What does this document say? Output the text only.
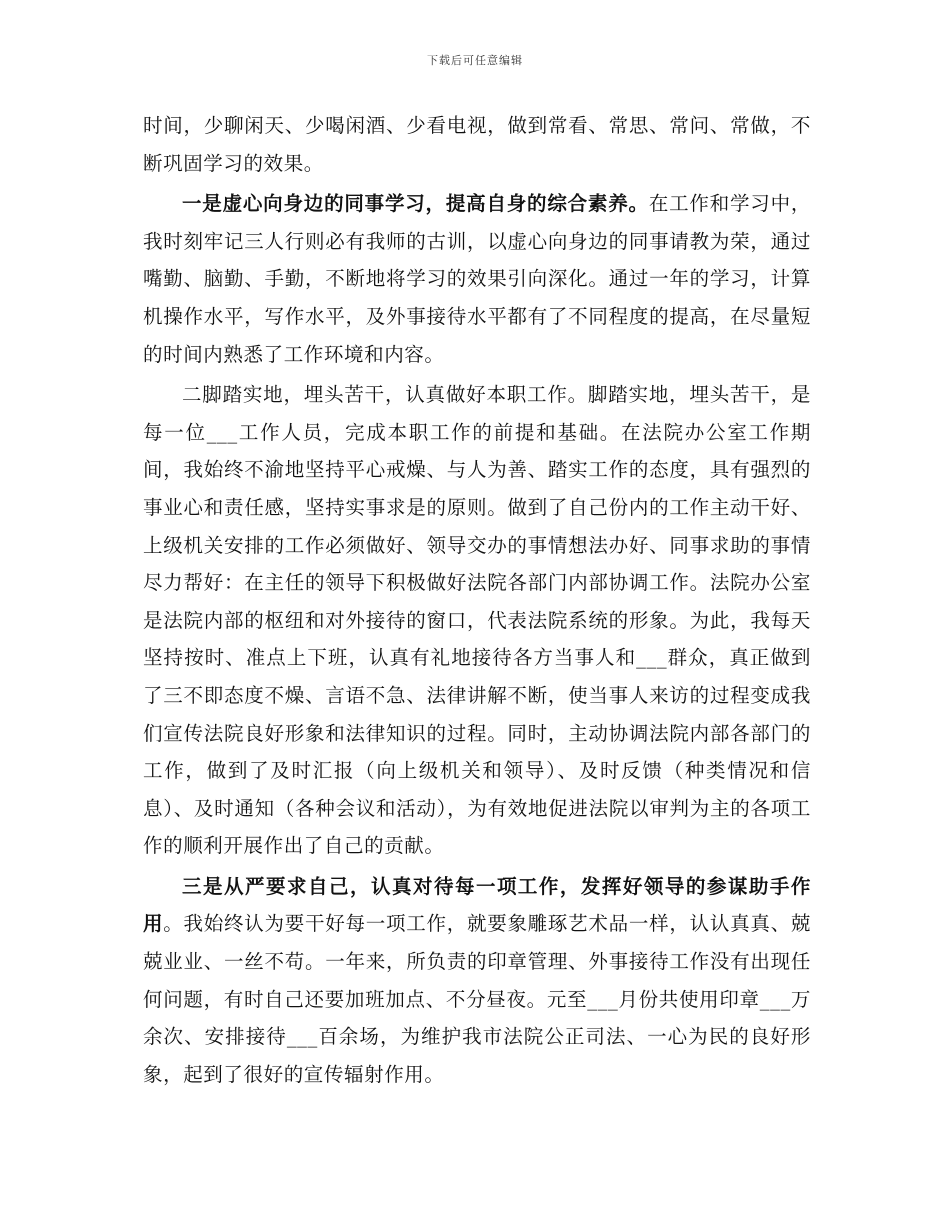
下载后可任意编辑

时间，少聊闲天、少喝闲酒、少看电视，做到常看、常思、常问、常做，不断巩固学习的效果。

一是虚心向身边的同事学习，提高自身的综合素养。在工作和学习中，我时刻牢记三人行则必有我师的古训，以虚心向身边的同事请教为荣，通过嘴勤、脑勤、手勤，不断地将学习的效果引向深化。通过一年的学习，计算机操作水平，写作水平，及外事接待水平都有了不同程度的提高，在尽量短的时间内熟悉了工作环境和内容。

二脚踏实地，埋头苦干，认真做好本职工作。脚踏实地，埋头苦干，是每一位___工作人员，完成本职工作的前提和基础。在法院办公室工作期间，我始终不渝地坚持平心戒燥、与人为善、踏实工作的态度，具有强烈的事业心和责任感，坚持实事求是的原则。做到了自己份内的工作主动干好、上级机关安排的工作必须做好、领导交办的事情想法办好、同事求助的事情尽力帮好：在主任的领导下积极做好法院各部门内部协调工作。法院办公室是法院内部的枢纽和对外接待的窗口，代表法院系统的形象。为此，我每天坚持按时、准点上下班，认真有礼地接待各方当事人和___群众，真正做到了三不即态度不燥、言语不急、法律讲解不断，使当事人来访的过程变成我们宣传法院良好形象和法律知识的过程。同时，主动协调法院内部各部门的工作，做到了及时汇报（向上级机关和领导）、及时反馈（种类情况和信息）、及时通知（各种会议和活动），为有效地促进法院以审判为主的各项工作的顺利开展作出了自己的贡献。

三是从严要求自己，认真对待每一项工作，发挥好领导的参谋助手作用。我始终认为要干好每一项工作，就要象雕琢艺术品一样，认认真真、兢兢业业、一丝不苟。一年来，所负责的印章管理、外事接待工作没有出现任何问题，有时自己还要加班加点、不分昼夜。元至___月份共使用印章___万余次、安排接待___百余场，为维护我市法院公正司法、一心为民的良好形象，起到了很好的宣传辐射作用。
